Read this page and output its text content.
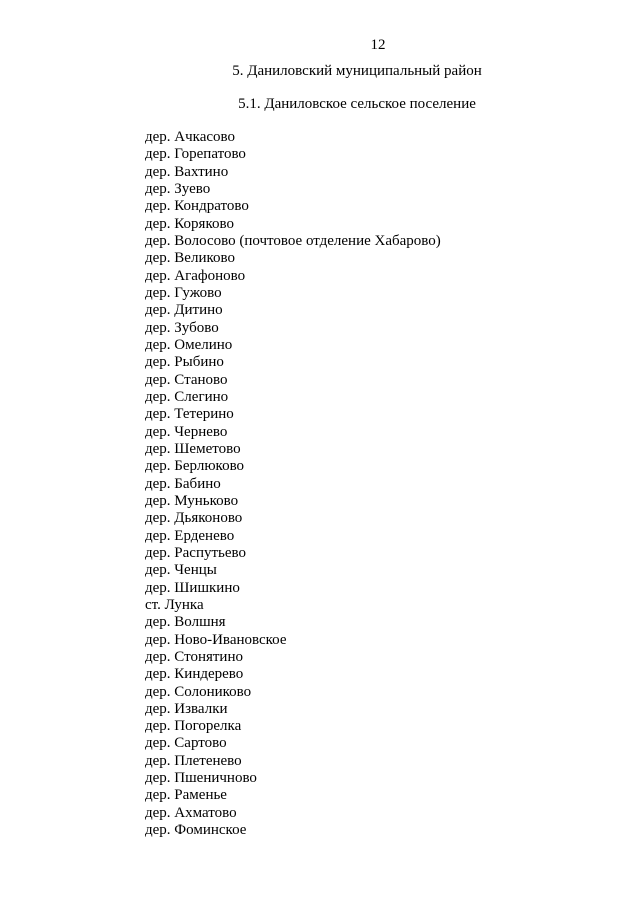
12
5. Даниловский муниципальный район
5.1. Даниловское сельское поселение
дер. Ачкасово
дер. Горепатово
дер. Вахтино
дер. Зуево
дер. Кондратово
дер. Коряково
дер. Волосово (почтовое отделение Хабарово)
дер. Великово
дер. Агафоново
дер. Гужово
дер. Дитино
дер. Зубово
дер. Омелино
дер. Рыбино
дер. Станово
дер. Слегино
дер. Тетерино
дер. Чернево
дер. Шеметово
дер. Берлюково
дер. Бабино
дер. Муньково
дер. Дьяконово
дер. Ерденево
дер. Распутьево
дер. Ченцы
дер. Шишкино
ст. Лунка
дер. Волшня
дер. Ново-Ивановское
дер. Стонятино
дер. Киндерево
дер. Солониково
дер. Извалки
дер. Погорелка
дер. Сартово
дер. Плетенево
дер. Пшеничново
дер. Раменье
дер. Ахматово
дер. Фоминское
